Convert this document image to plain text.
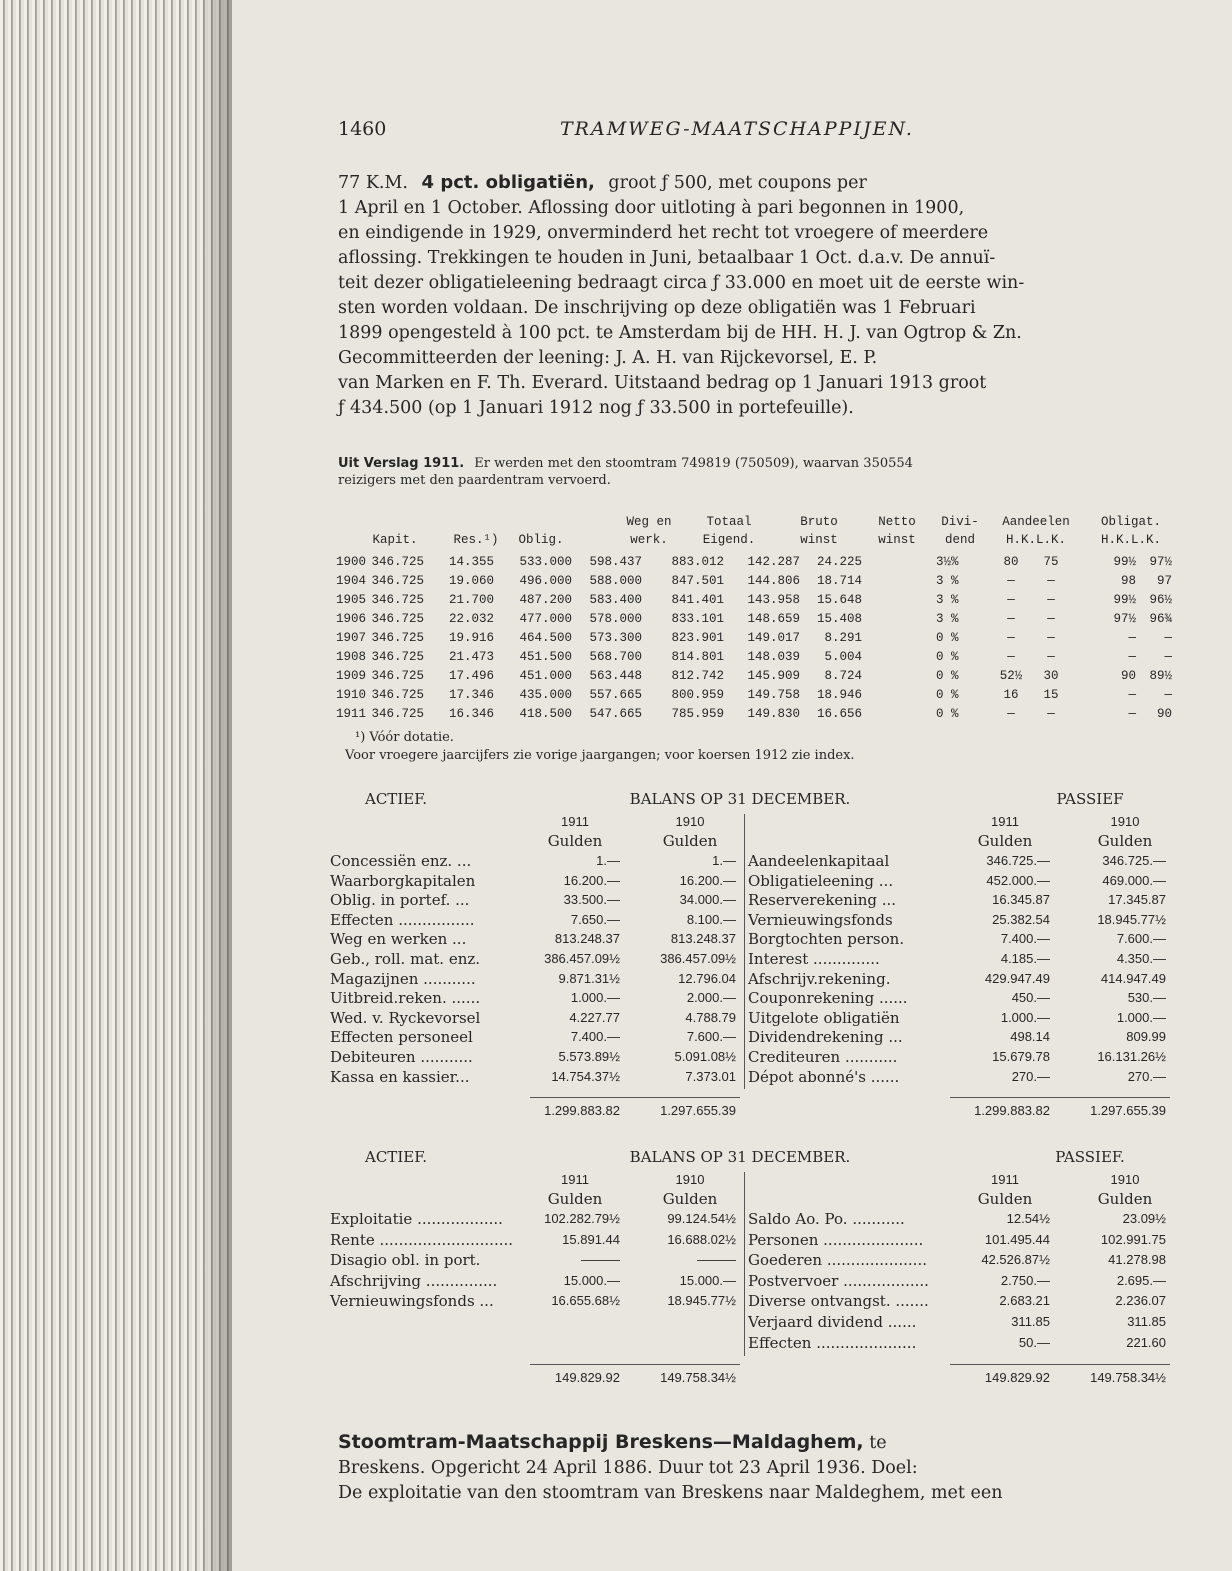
1460	TRAMWEG-MAATSCHAPPIJEN.
77 K.M. 4 pct. obligatiën, groot ƒ 500, met coupons per
1 April en 1 October. Aflossing door uitloting à pari begonnen in 1900,
en eindigende in 1929, onverminderd het recht tot vroegere of meerdere
aflossing. Trekkingen te houden in Juni, betaalbaar 1 Oct. d.a.v. De annuï-
teit dezer obligatieleening bedraagt circa ƒ 33.000 en moet uit de eerste win-
sten worden voldaan. De inschrijving op deze obligatiën was 1 Februari
1899 opengesteld à 100 pct. te Amsterdam bij de HH. H. J. van Ogtrop & Zn.
Gecommitteerden der leening: J. A. H. van Rijckevorsel, E. P.
van Marken en F. Th. Everard. Uitstaand bedrag op 1 Januari 1913 groot
ƒ 434.500 (op 1 Januari 1912 nog ƒ 33.500 in portefeuille).
Uit Verslag 1911. Er werden met den stoomtram 749819 (750509), waarvan 350554
reizigers met den paardentram vervoerd.
Weg en	Totaal	Bruto	Netto	Divi-	Aandeelen	Obligat.
Kapit.	Res.¹)	Oblig.	werk.	Eigend.	winst	winst	dend	H.K.L.K.	H.K.L.K.
1900 346.725	14.355	533.000	598.437	883.012	142.287	24.225	3½%	80	75	99½	97½
1904 346.725	19.060	496.000	588.000	847.501	144.806	18.714	3 %	—	—	98	97
1905 346.725	21.700	487.200	583.400	841.401	143.958	15.648	3 %	—	—	99½	96½
1906 346.725	22.032	477.000	578.000	833.101	148.659	15.408	3 %	—	—	97½	96¾
1907 346.725	19.916	464.500	573.300	823.901	149.017	8.291	0 %	—	—	—	—
1908 346.725	21.473	451.500	568.700	814.801	148.039	5.004	0 %	—	—	—	—
1909 346.725	17.496	451.000	563.448	812.742	145.909	8.724	0 %	52½	30	90	89½
1910 346.725	17.346	435.000	557.665	800.959	149.758	18.946	0 %	16	15	—	—
1911 346.725	16.346	418.500	547.665	785.959	149.830	16.656	0 %	—	—	—	90
¹) Vóór dotatie.
Voor vroegere jaarcijfers zie vorige jaargangen; voor koersen 1912 zie index.
ACTIEF.	BALANS OP 31 DECEMBER.	PASSIEF
1911	1910	1911	1910
Gulden	Gulden	Gulden	Gulden
Concessiën enz. ...	1.—	1.—
Waarborgkapitalen	16.200.—	16.200.—
Oblig. in portef. ...	33.500.—	34.000.—
Effecten ................	7.650.—	8.100.—
Weg en werken ...	813.248.37	813.248.37
Geb., roll. mat. enz.	386.457.09½	386.457.09½
Magazijnen ...........	9.871.31½	12.796.04
Uitbreid.reken. ......	1.000.—	2.000.—
Wed. v. Ryckevorsel	4.227.77	4.788.79
Effecten personeel	7.400.—	7.600.—
Debiteuren ...........	5.573.89½	5.091.08½
Kassa en kassier...	14.754.37½	7.373.01
Aandeelenkapitaal	346.725.—	346.725.—
Obligatieleening ...	452.000.—	469.000.—
Reserverekening ...	16.345.87	17.345.87
Vernieuwingsfonds	25.382.54	18.945.77½
Borgtochten person.	7.400.—	7.600.—
Interest ..............	4.185.—	4.350.—
Afschrijv.rekening.	429.947.49	414.947.49
Couponrekening ......	450.—	530.—
Uitgelote obligatiën	1.000.—	1.000.—
Dividendrekening ...	498.14	809.99
Crediteuren ...........	15.679.78	16.131.26½
Dépot abonné's ......	270.—	270.—
1.299.883.82	1.297.655.39	1.299.883.82	1.297.655.39
ACTIEF.	BALANS OP 31 DECEMBER.	PASSIEF.
1911	1910	1911	1910
Gulden	Gulden	Gulden	Gulden
Exploitatie ..................	102.282.79½	99.124.54½
Rente ............................	15.891.44	16.688.02½
Disagio obl. in port.	———	———
Afschrijving ...............	15.000.—	15.000.—
Vernieuwingsfonds ...	16.655.68½	18.945.77½
Saldo Ao. Po. ...........	12.54½	23.09½
Personen .....................	101.495.44	102.991.75
Goederen .....................	42.526.87½	41.278.98
Postvervoer ..................	2.750.—	2.695.—
Diverse ontvangst. .......	2.683.21	2.236.07
Verjaard dividend ......	311.85	311.85
Effecten .....................	50.—	221.60
149.829.92	149.758.34½	149.829.92	149.758.34½
Stoomtram-Maatschappij Breskens—Maldaghem, te
Breskens. Opgericht 24 April 1886. Duur tot 23 April 1936. Doel:
De exploitatie van den stoomtram van Breskens naar Maldeghem, met een
